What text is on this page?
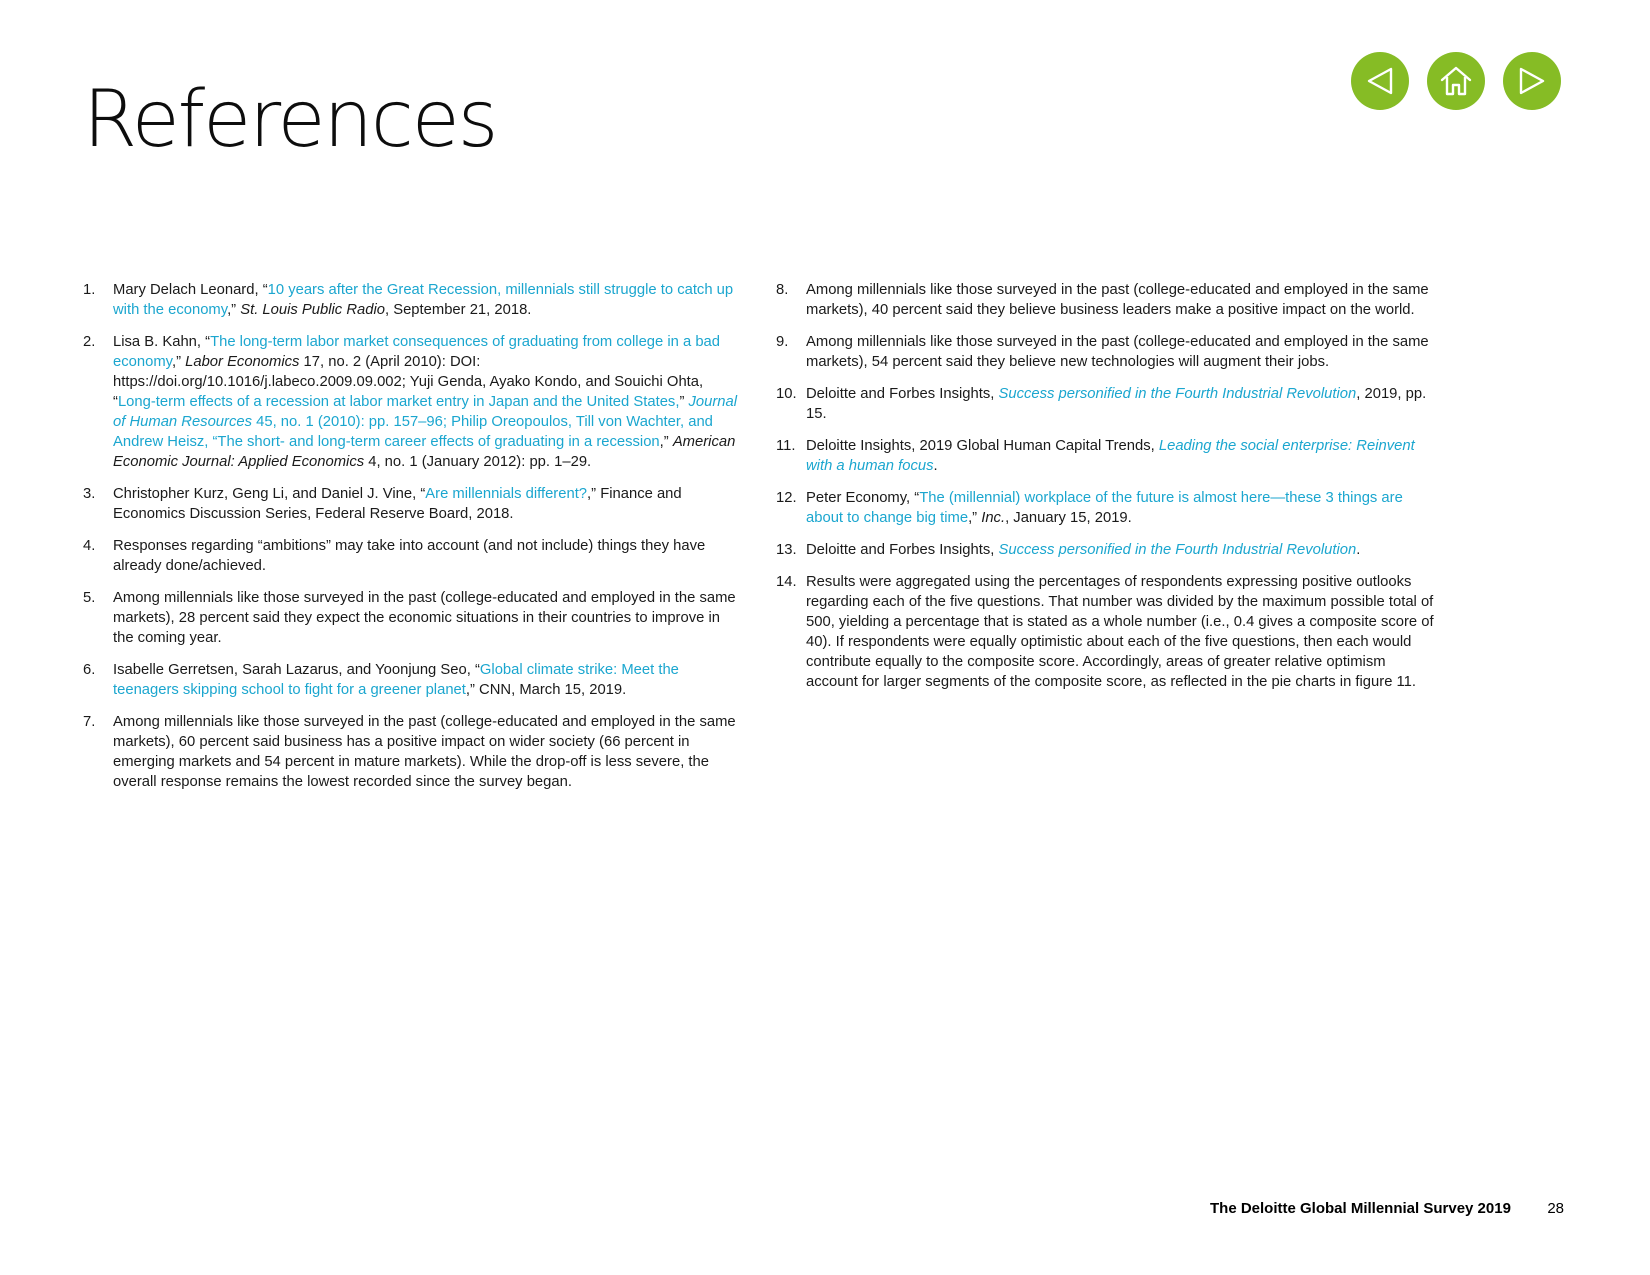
References
1.	Mary Delach Leonard, “10 years after the Great Recession, millennials still struggle to catch up with the economy,” St. Louis Public Radio, September 21, 2018.
2.	Lisa B. Kahn, “The long-term labor market consequences of graduating from college in a bad economy,” Labor Economics 17, no. 2 (April 2010): DOI: https://doi.org/10.1016/j.labeco.2009.09.002; Yuji Genda, Ayako Kondo, and Souichi Ohta, “Long-term effects of a recession at labor market entry in Japan and the United States,” Journal of Human Resources 45, no. 1 (2010): pp. 157–96; Philip Oreopoulos, Till von Wachter, and Andrew Heisz, “The short- and long-term career effects of graduating in a recession,” American Economic Journal: Applied Economics 4, no. 1 (January 2012): pp. 1–29.
3.	Christopher Kurz, Geng Li, and Daniel J. Vine, “Are millennials different?,” Finance and Economics Discussion Series, Federal Reserve Board, 2018.
4.	Responses regarding “ambitions” may take into account (and not include) things they have already done/achieved.
5.	Among millennials like those surveyed in the past (college-educated and employed in the same markets), 28 percent said they expect the economic situations in their countries to improve in the coming year.
6.	Isabelle Gerretsen, Sarah Lazarus, and Yoonjung Seo, “Global climate strike: Meet the teenagers skipping school to fight for a greener planet,” CNN, March 15, 2019.
7.	Among millennials like those surveyed in the past (college-educated and employed in the same markets), 60 percent said business has a positive impact on wider society (66 percent in emerging markets and 54 percent in mature markets). While the drop-off is less severe, the overall response remains the lowest recorded since the survey began.
8.	Among millennials like those surveyed in the past (college-educated and employed in the same markets), 40 percent said they believe business leaders make a positive impact on the world.
9.	Among millennials like those surveyed in the past (college-educated and employed in the same markets), 54 percent said they believe new technologies will augment their jobs.
10. Deloitte and Forbes Insights, Success personified in the Fourth Industrial Revolution, 2019, pp. 15.
11. Deloitte Insights, 2019 Global Human Capital Trends, Leading the social enterprise: Reinvent with a human focus.
12. Peter Economy, “The (millennial) workplace of the future is almost here—these 3 things are about to change big time,” Inc., January 15, 2019.
13. Deloitte and Forbes Insights, Success personified in the Fourth Industrial Revolution.
14. Results were aggregated using the percentages of respondents expressing positive outlooks regarding each of the five questions. That number was divided by the maximum possible total of 500, yielding a percentage that is stated as a whole number (i.e., 0.4 gives a composite score of 40). If respondents were equally optimistic about each of the five questions, then each would contribute equally to the composite score. Accordingly, areas of greater relative optimism account for larger segments of the composite score, as reflected in the pie charts in figure 11.
The Deloitte Global Millennial Survey 2019 28
